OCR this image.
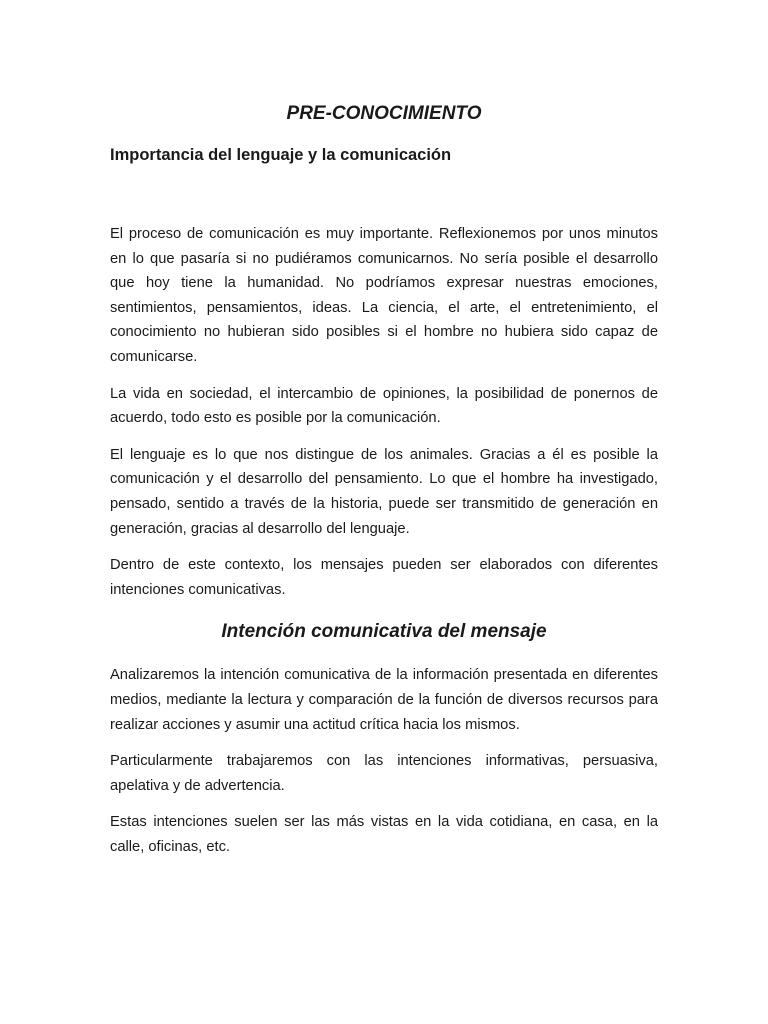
PRE-CONOCIMIENTO
Importancia del lenguaje y la comunicación

El proceso de comunicación es muy importante. Reflexionemos por unos minutos en lo que pasaría si no pudiéramos comunicarnos. No sería posible el desarrollo que hoy tiene la humanidad. No podríamos expresar nuestras emociones, sentimientos, pensamientos, ideas. La ciencia, el arte, el entretenimiento, el conocimiento no hubieran sido posibles si el hombre no hubiera sido capaz de comunicarse.

La vida en sociedad, el intercambio de opiniones, la posibilidad de ponernos de acuerdo, todo esto es posible por la comunicación.

El lenguaje es lo que nos distingue de los animales. Gracias a él es posible la comunicación y el desarrollo del pensamiento. Lo que el hombre ha investigado, pensado, sentido a través de la historia, puede ser transmitido de generación en generación, gracias al desarrollo del lenguaje.

Dentro de este contexto, los mensajes pueden ser elaborados con diferentes intenciones comunicativas.

Intención comunicativa del mensaje

Analizaremos la intención comunicativa de la información presentada en diferentes medios, mediante la lectura y comparación de la función de diversos recursos para realizar acciones y asumir una actitud crítica hacia los mismos.

Particularmente trabajaremos con las intenciones informativas, persuasiva, apelativa y de advertencia.

Estas intenciones suelen ser las más vistas en la vida cotidiana, en casa, en la calle, oficinas, etc.
